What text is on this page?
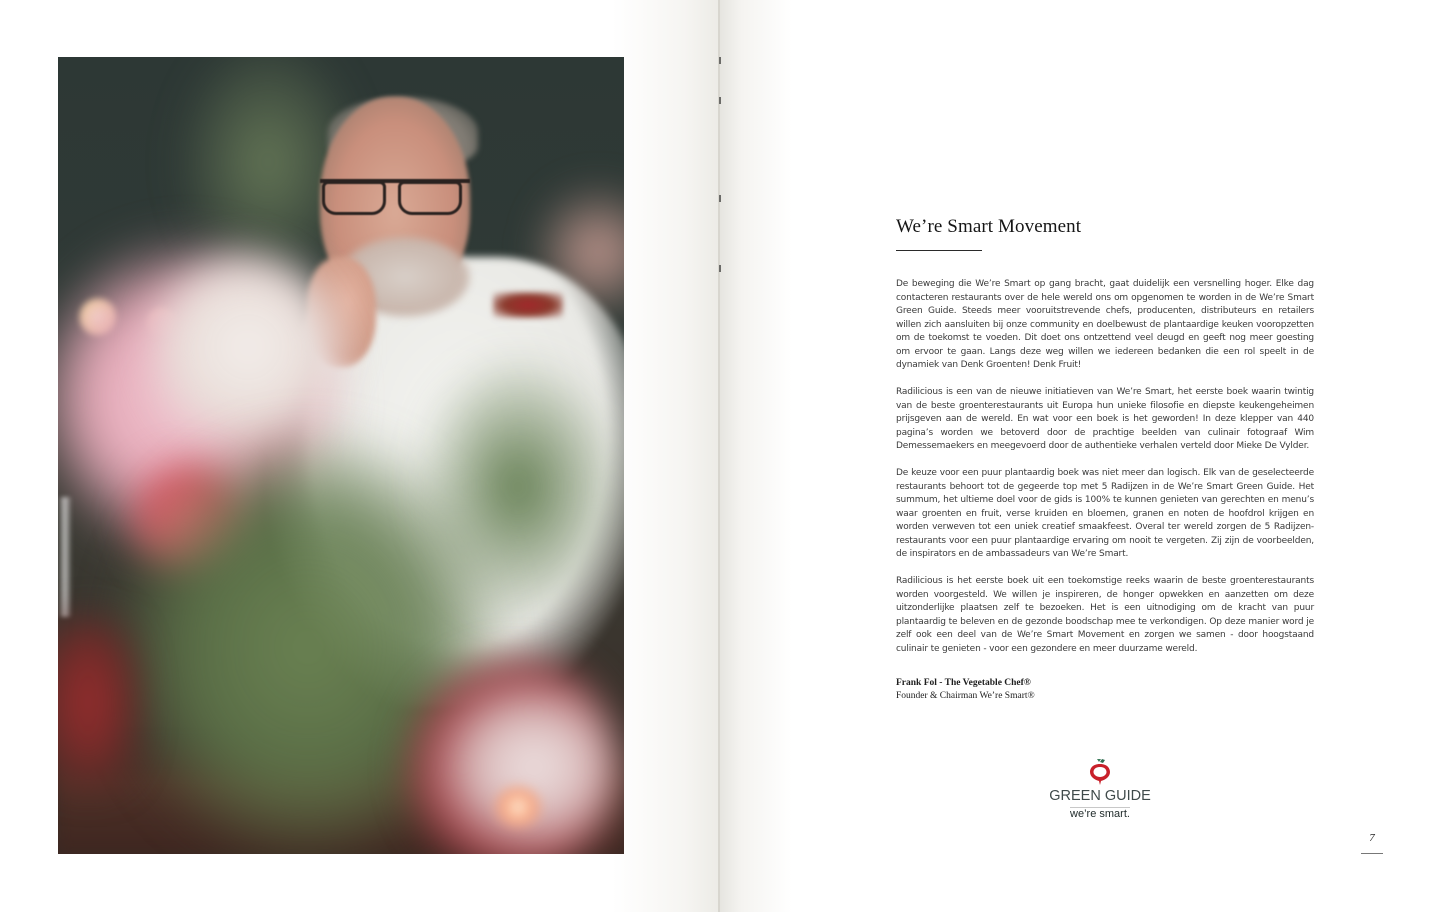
We’re Smart Movement

De beweging die We’re Smart op gang bracht, gaat duidelijk een versnelling hoger. Elke dag contacteren restaurants over de hele wereld ons om opgenomen te worden in de We’re Smart Green Guide. Steeds meer vooruitstrevende chefs, producenten, distributeurs en retailers willen zich aansluiten bij onze community en doelbewust de plantaardige keuken vooropzetten om de toekomst te voeden. Dit doet ons ontzettend veel deugd en geeft nog meer goesting om ervoor te gaan. Langs deze weg willen we iedereen bedanken die een rol speelt in de dynamiek van Denk Groenten! Denk Fruit!

Radilicious is een van de nieuwe initiatieven van We’re Smart, het eerste boek waarin twintig van de beste groenterestaurants uit Europa hun unieke filosofie en diepste keukengeheimen prijsgeven aan de wereld. En wat voor een boek is het geworden! In deze klepper van 440 pagina’s worden we betoverd door de prachtige beelden van culinair fotograaf Wim Demessemaekers en meegevoerd door de authentieke verhalen verteld door Mieke De Vylder.

De keuze voor een puur plantaardig boek was niet meer dan logisch. Elk van de geselecteerde restaurants behoort tot de gegeerde top met 5 Radijzen in de We’re Smart Green Guide. Het summum, het ultieme doel voor de gids is 100% te kunnen genieten van gerechten en menu’s waar groenten en fruit, verse kruiden en bloemen, granen en noten de hoofdrol krijgen en worden verweven tot een uniek creatief smaakfeest. Overal ter wereld zorgen de 5 Radijzen-restaurants voor een puur plantaardige ervaring om nooit te vergeten. Zij zijn de voorbeelden, de inspirators en de ambassadeurs van We’re Smart.

Radilicious is het eerste boek uit een toekomstige reeks waarin de beste groenterestaurants worden voorgesteld. We willen je inspireren, de honger opwekken en aanzetten om deze uitzonderlijke plaatsen zelf te bezoeken. Het is een uitnodiging om de kracht van puur plantaardig te beleven en de gezonde boodschap mee te verkondigen. Op deze manier word je zelf ook een deel van de We’re Smart Movement en zorgen we samen - door hoogstaand culinair te genieten - voor een gezondere en meer duurzame wereld.

Frank Fol - The Vegetable Chef®
Founder & Chairman We’re Smart®
GREEN GUIDE
we’re smart.
7
